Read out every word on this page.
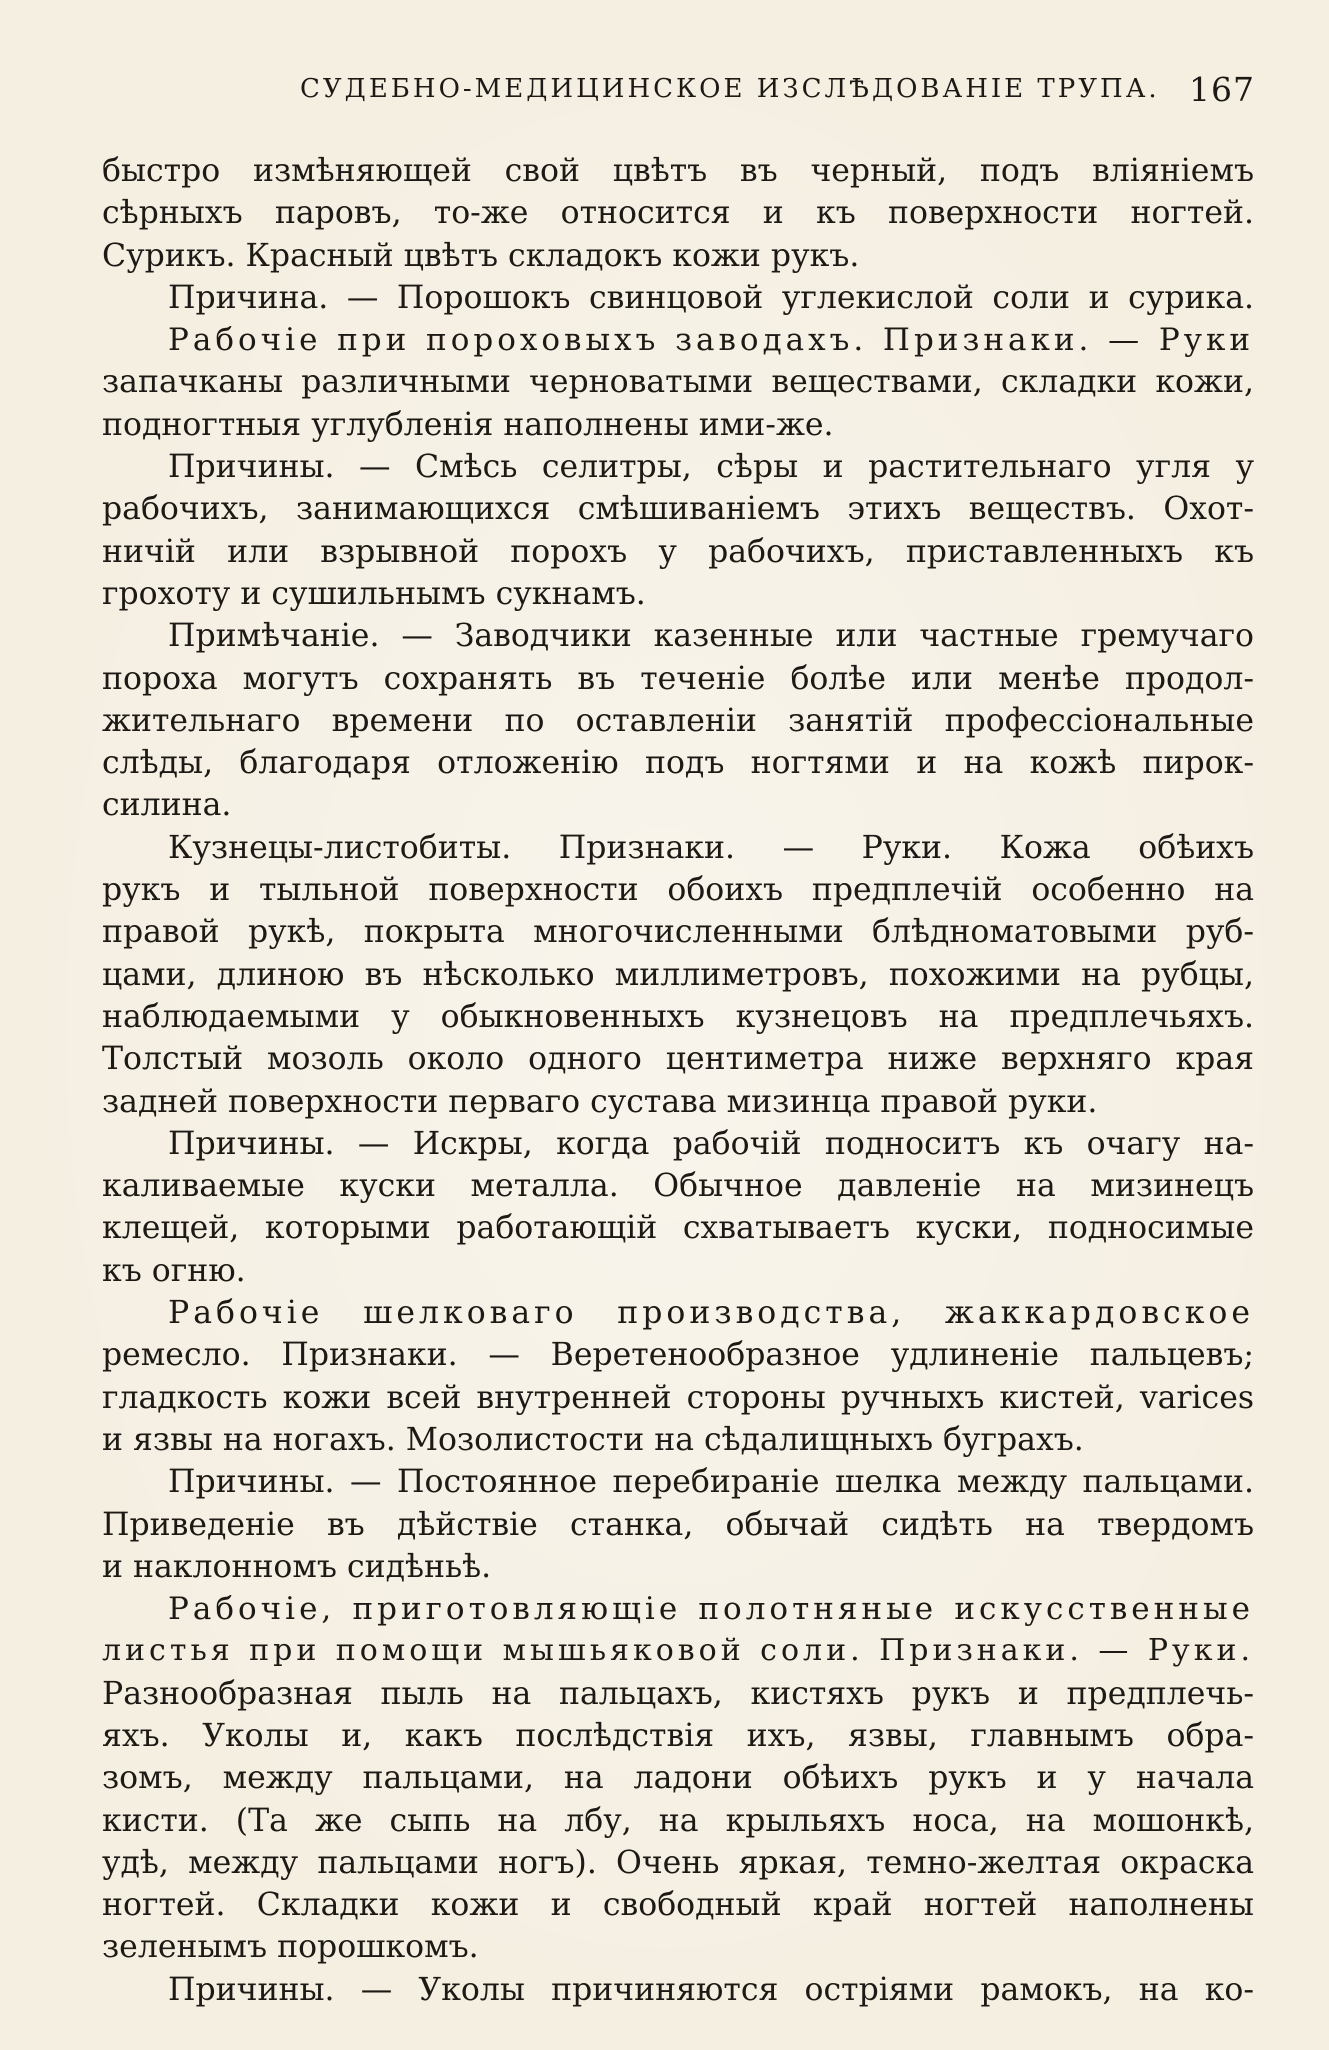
СУДЕБНО-МЕДИЦИНСКОЕ ИЗСЛѢДОВАНIЕ ТРУПА. 167
быстро измѣняющей свой цвѣтъ въ черный, подъ влiянiемъ
сѣрныхъ паровъ, то-же относится и къ поверхности ногтей.
Сурикъ. Красный цвѣтъ складокъ кожи рукъ.
Причина. — Порошокъ свинцовой углекислой соли и сурика.
Рабочiе при пороховыхъ заводахъ. Признаки. — Руки
запачканы различными черноватыми веществами, складки кожи,
подногтныя углубленiя наполнены ими-же.
Причины. — Смѣсь селитры, сѣры и растительнаго угля у
рабочихъ, занимающихся смѣшиванiемъ этихъ веществъ. Охот-
ничiй или взрывной порохъ у рабочихъ, приставленныхъ къ
грохоту и сушильнымъ сукнамъ.
Примѣчанiе. — Заводчики казенные или частные гремучаго
пороха могутъ сохранять въ теченiе болѣе или менѣе продол-
жительнаго времени по оставленiи занятiй профессiональные
слѣды, благодаря отложенiю подъ ногтями и на кожѣ пирок-
силина.
Кузнецы-листобиты. Признаки. — Руки. Кожа обѣихъ
рукъ и тыльной поверхности обоихъ предплечiй особенно на
правой рукѣ, покрыта многочисленными блѣдноматовыми руб-
цами, длиною въ нѣсколько миллиметровъ, похожими на рубцы,
наблюдаемыми у обыкновенныхъ кузнецовъ на предплечьяхъ.
Толстый мозоль около одного центиметра ниже верхняго края
задней поверхности перваго сустава мизинца правой руки.
Причины. — Искры, когда рабочiй подноситъ къ очагу на-
каливаемые куски металла. Обычное давленiе на мизинецъ
клещей, которыми работающiй схватываетъ куски, подносимые
къ огню.
Рабочiе шелковаго производства, жаккардовское
ремесло. Признаки. — Веретенообразное удлиненiе пальцевъ;
гладкость кожи всей внутренней стороны ручныхъ кистей, varices
и язвы на ногахъ. Мозолистости на сѣдалищныхъ буграхъ.
Причины. — Постоянное перебиранiе шелка между пальцами.
Приведенiе въ дѣйствiе станка, обычай сидѣть на твердомъ
и наклонномъ сидѣньѣ.
Рабочiе, приготовляющiе полотняные искусственные
листья при помощи мышьяковой соли. Признаки. — Руки.
Разнообразная пыль на пальцахъ, кистяхъ рукъ и предплечь-
яхъ. Уколы и, какъ послѣдствiя ихъ, язвы, главнымъ обра-
зомъ, между пальцами, на ладони обѣихъ рукъ и у начала
кисти. (Та же сыпь на лбу, на крыльяхъ носа, на мошонкѣ,
удѣ, между пальцами ногъ). Очень яркая, темно-желтая окраска
ногтей. Складки кожи и свободный край ногтей наполнены
зеленымъ порошкомъ.
Причины. — Уколы причиняются остріями рамокъ, на ко-
